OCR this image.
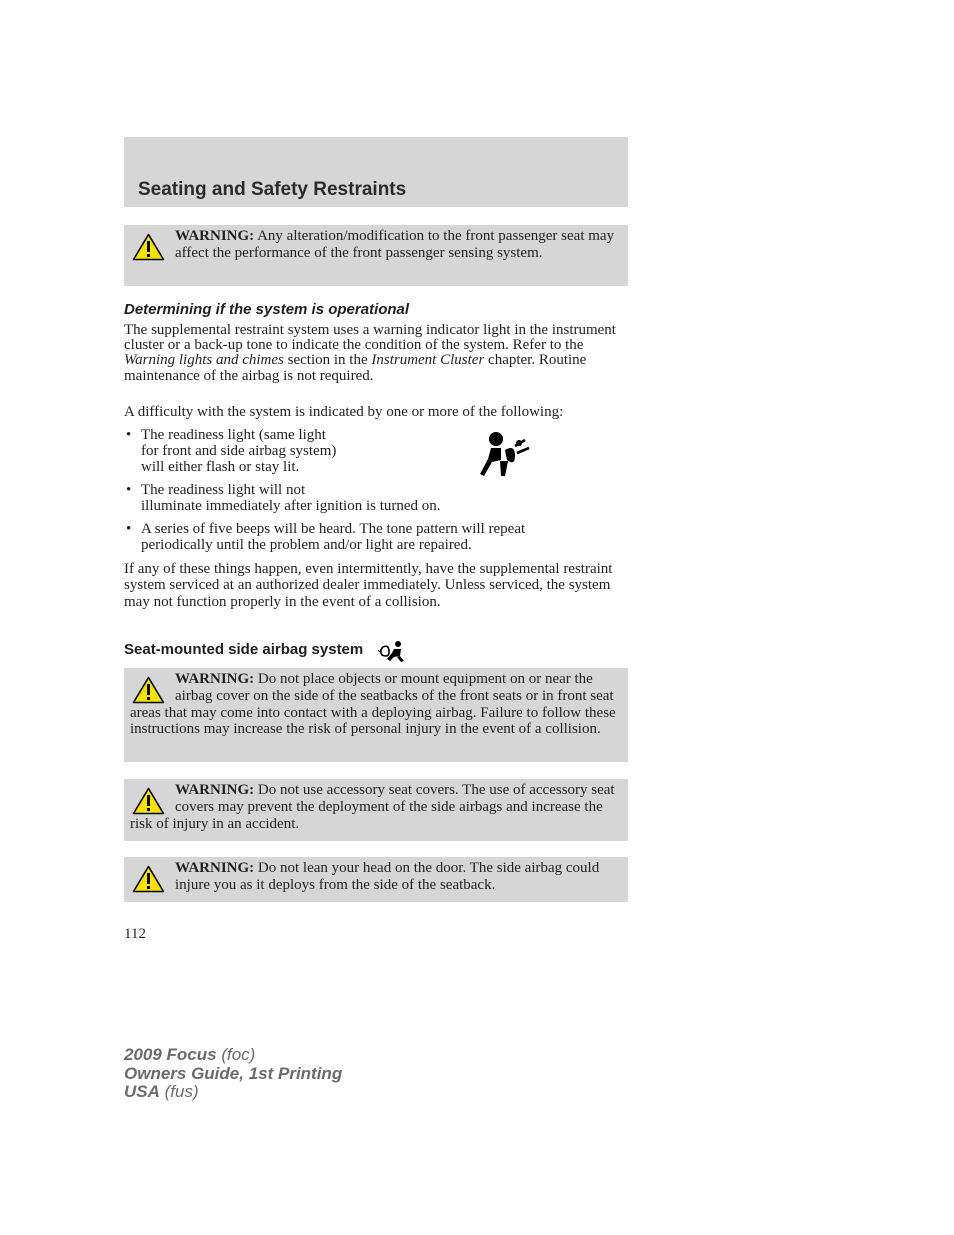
Seating and Safety Restraints
WARNING: Any alteration/modification to the front passenger seat may affect the performance of the front passenger sensing system.
Determining if the system is operational

The supplemental restraint system uses a warning indicator light in the instrument cluster or a back-up tone to indicate the condition of the system. Refer to the Warning lights and chimes section in the Instrument Cluster chapter. Routine maintenance of the airbag is not required.

A difficulty with the system is indicated by one or more of the following:

• The readiness light (same light
for front and side airbag system)
will either flash or stay lit.
• The readiness light will not
illuminate immediately after ignition is turned on.
• A series of five beeps will be heard. The tone pattern will repeat
periodically until the problem and/or light are repaired.

If any of these things happen, even intermittently, have the supplemental restraint system serviced at an authorized dealer immediately. Unless serviced, the system may not function properly in the event of a collision.

Seat-mounted side airbag system
WARNING: Do not place objects or mount equipment on or near the airbag cover on the side of the seatbacks of the front seats or in front seat areas that may come into contact with a deploying airbag. Failure to follow these instructions may increase the risk of personal injury in the event of a collision.
WARNING: Do not use accessory seat covers. The use of accessory seat covers may prevent the deployment of the side airbags and increase the risk of injury in an accident.
WARNING: Do not lean your head on the door. The side airbag could injure you as it deploys from the side of the seatback.
112
2009 Focus (foc)
Owners Guide, 1st Printing
USA (fus)
